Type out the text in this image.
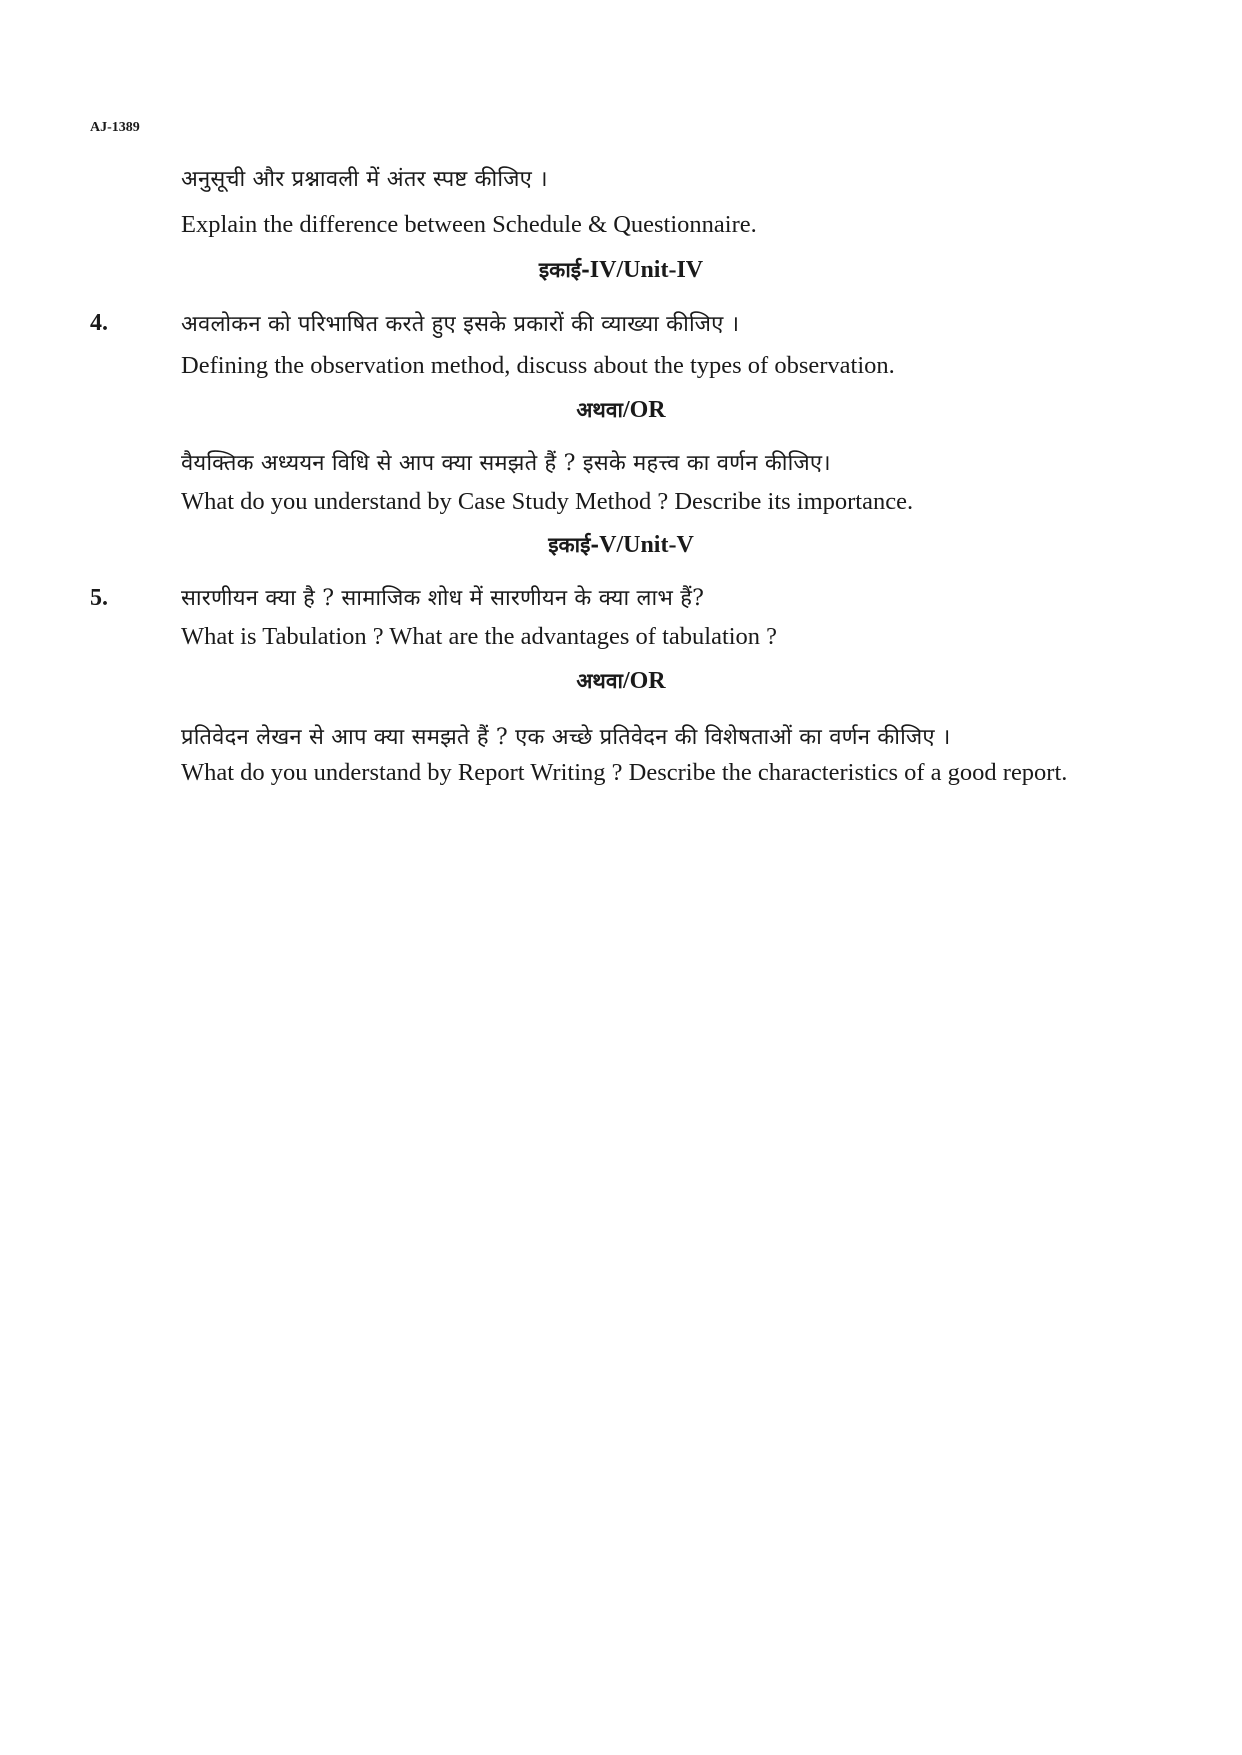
AJ-1389
अनुसूची और प्रश्नावली में अंतर स्पष्ट कीजिए ।
Explain the difference between Schedule & Questionnaire.
इकाई-IV/Unit-IV
4.	अवलोकन को परिभाषित करते हुए इसके प्रकारों की व्याख्या कीजिए ।
Defining the observation method, discuss about the types of observation.
अथवा/OR
वैयक्तिक अध्ययन विधि से आप क्या समझते हैं ? इसके महत्त्व का वर्णन कीजिए।
What do you understand by Case Study Method ? Describe its importance.
इकाई-V/Unit-V
5.	सारणीयन क्या है ? सामाजिक शोध में सारणीयन के क्या लाभ हैं?
What is Tabulation ? What are the advantages of tabulation ?
अथवा/OR
प्रतिवेदन लेखन से आप क्या समझते हैं ? एक अच्छे प्रतिवेदन की विशेषताओं का वर्णन कीजिए ।
What do you understand by Report Writing ? Describe the characteristics of a good report.
